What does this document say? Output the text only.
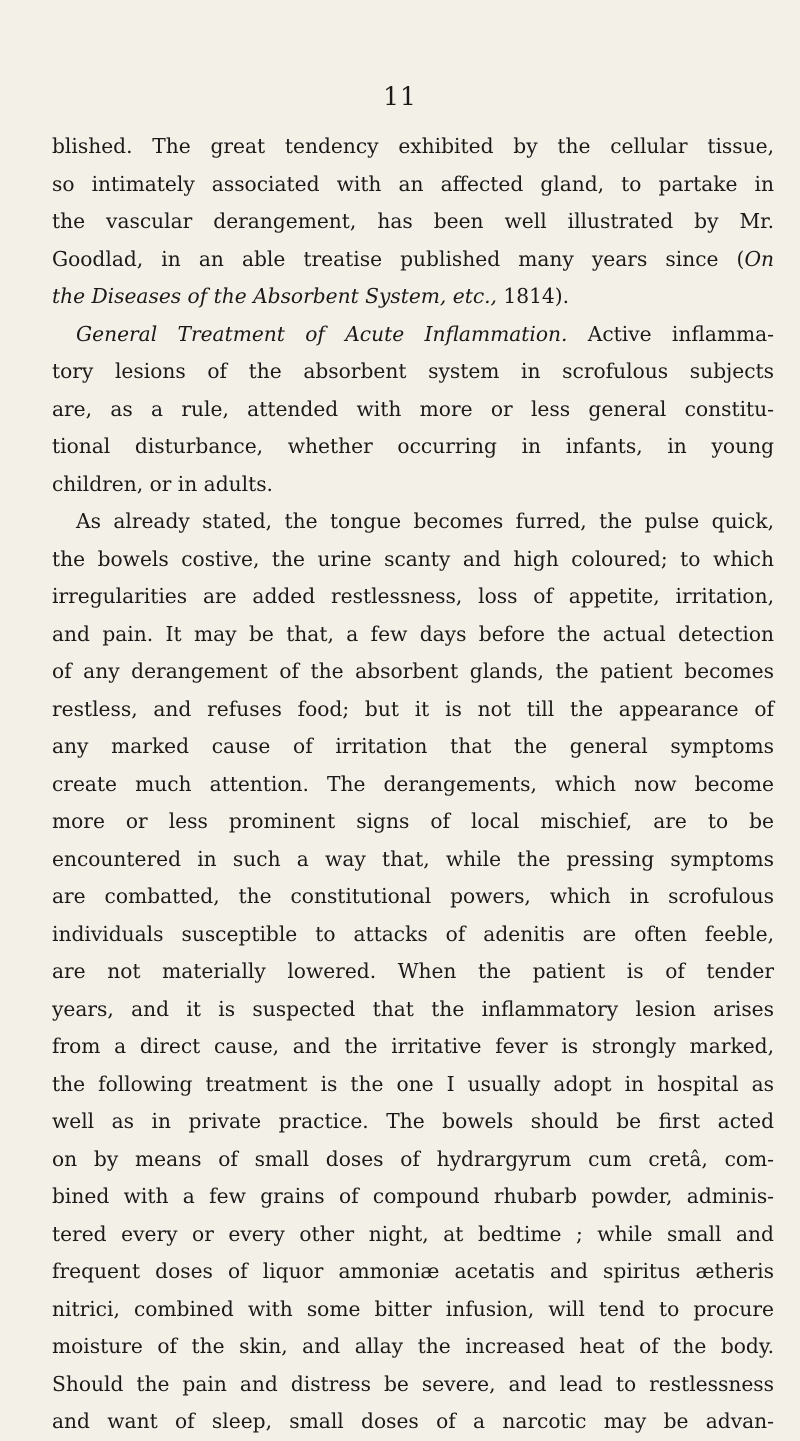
11
blished. The great tendency exhibited by the cellular tissue,
so intimately associated with an affected gland, to partake in
the vascular derangement, has been well illustrated by Mr.
Goodlad, in an able treatise published many years since (On
the Diseases of the Absorbent System, etc., 1814).
General Treatment of Acute Inflammation. Active inflamma-
tory lesions of the absorbent system in scrofulous subjects
are, as a rule, attended with more or less general constitu-
tional disturbance, whether occurring in infants, in young
children, or in adults.
As already stated, the tongue becomes furred, the pulse quick,
the bowels costive, the urine scanty and high coloured; to which
irregularities are added restlessness, loss of appetite, irritation,
and pain. It may be that, a few days before the actual detection
of any derangement of the absorbent glands, the patient becomes
restless, and refuses food; but it is not till the appearance of
any marked cause of irritation that the general symptoms
create much attention. The derangements, which now become
more or less prominent signs of local mischief, are to be
encountered in such a way that, while the pressing symptoms
are combatted, the constitutional powers, which in scrofulous
individuals susceptible to attacks of adenitis are often feeble,
are not materially lowered. When the patient is of tender
years, and it is suspected that the inflammatory lesion arises
from a direct cause, and the irritative fever is strongly marked,
the following treatment is the one I usually adopt in hospital as
well as in private practice. The bowels should be first acted
on by means of small doses of hydrargyrum cum cretâ, com-
bined with a few grains of compound rhubarb powder, adminis-
tered every or every other night, at bedtime ; while small and
frequent doses of liquor ammoniæ acetatis and spiritus ætheris
nitrici, combined with some bitter infusion, will tend to procure
moisture of the skin, and allay the increased heat of the body.
Should the pain and distress be severe, and lead to restlessness
and want of sleep, small doses of a narcotic may be advan-
